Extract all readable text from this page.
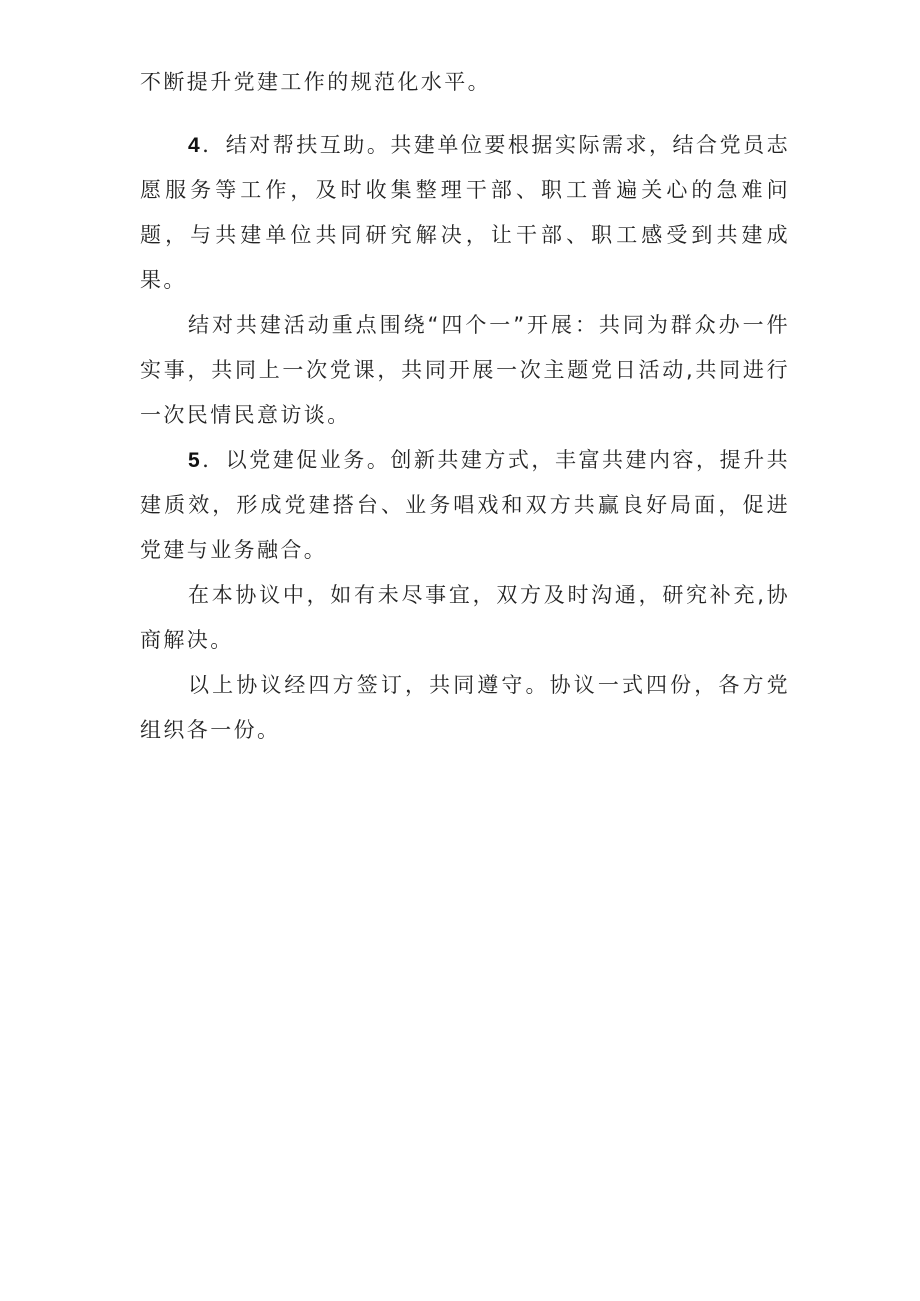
不断提升党建工作的规范化水平。

4．结对帮扶互助。共建单位要根据实际需求，结合党员志愿服务等工作，及时收集整理干部、职工普遍关心的急难问题，与共建单位共同研究解决，让干部、职工感受到共建成果。

结对共建活动重点围绕“四个一”开展：共同为群众办一件实事，共同上一次党课，共同开展一次主题党日活动,共同进行一次民情民意访谈。

5．以党建促业务。创新共建方式，丰富共建内容，提升共建质效，形成党建搭台、业务唱戏和双方共赢良好局面，促进党建与业务融合。

在本协议中，如有未尽事宜，双方及时沟通，研究补充,协商解决。

以上协议经四方签订，共同遵守。协议一式四份，各方党组织各一份。
